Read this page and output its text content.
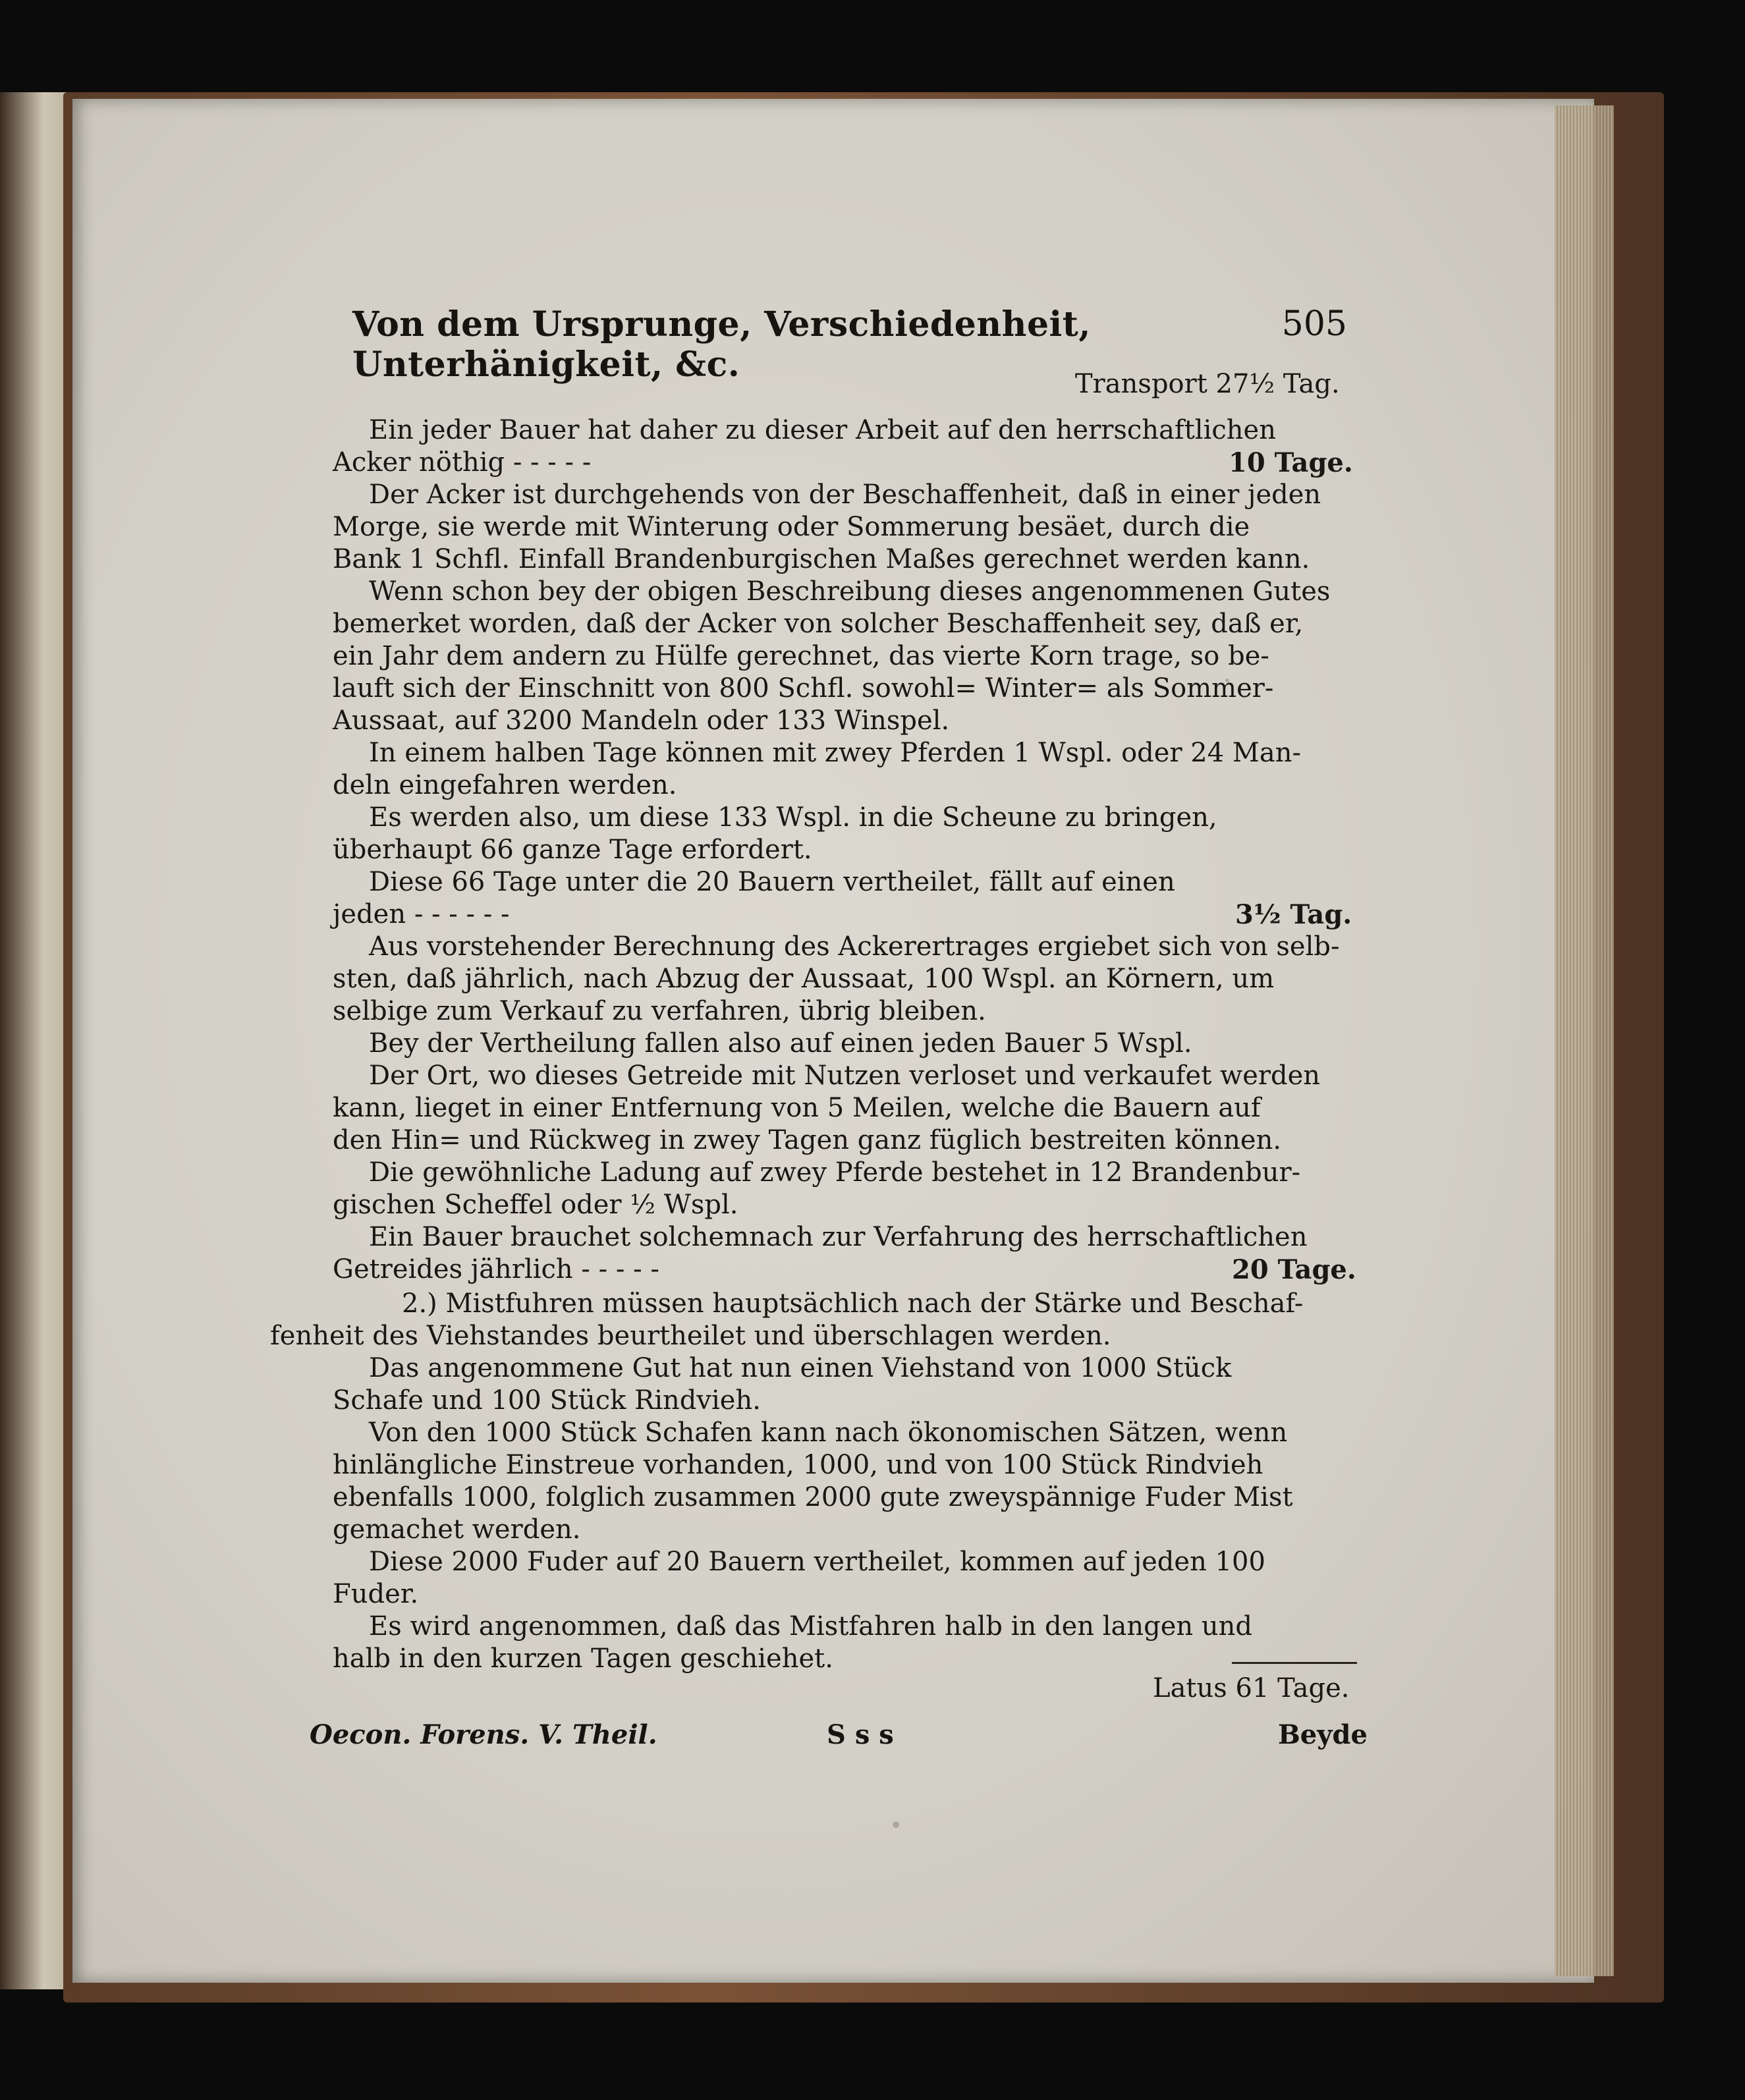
Von dem Ursprunge, Verschiedenheit, Unterhänigkeit, &c.
505
Transport 27½ Tag.
Ein jeder Bauer hat daher zu dieser Arbeit auf den herrschaftlichen
Acker nöthig - - - - -
Der Acker ist durchgehends von der Beschaffenheit, daß in einer jeden
Morge, sie werde mit Winterung oder Sommerung besäet, durch die
Bank 1 Schfl. Einfall Brandenburgischen Maßes gerechnet werden kann.
Wenn schon bey der obigen Beschreibung dieses angenommenen Gutes
bemerket worden, daß der Acker von solcher Beschaffenheit sey, daß er,
ein Jahr dem andern zu Hülfe gerechnet, das vierte Korn trage, so be-
lauft sich der Einschnitt von 800 Schfl. sowohl= Winter= als Sommer-
Aussaat, auf 3200 Mandeln oder 133 Winspel.
In einem halben Tage können mit zwey Pferden 1 Wspl. oder 24 Man-
deln eingefahren werden.
Es werden also, um diese 133 Wspl. in die Scheune zu bringen,
überhaupt 66 ganze Tage erfordert.
Diese 66 Tage unter die 20 Bauern vertheilet, fällt auf einen
jeden - - - - - -
Aus vorstehender Berechnung des Ackerertrages ergiebet sich von selb-
sten, daß jährlich, nach Abzug der Aussaat, 100 Wspl. an Körnern, um
selbige zum Verkauf zu verfahren, übrig bleiben.
Bey der Vertheilung fallen also auf einen jeden Bauer 5 Wspl.
Der Ort, wo dieses Getreide mit Nutzen verloset und verkaufet werden
kann, lieget in einer Entfernung von 5 Meilen, welche die Bauern auf
den Hin= und Rückweg in zwey Tagen ganz füglich bestreiten können.
Die gewöhnliche Ladung auf zwey Pferde bestehet in 12 Brandenbur-
gischen Scheffel oder ½ Wspl.
Ein Bauer brauchet solchemnach zur Verfahrung des herrschaftlichen
Getreides jährlich - - - - -
2.) Mistfuhren müssen hauptsächlich nach der Stärke und Beschaf-
fenheit des Viehstandes beurtheilet und überschlagen werden.
Das angenommene Gut hat nun einen Viehstand von 1000 Stück
Schafe und 100 Stück Rindvieh.
Von den 1000 Stück Schafen kann nach ökonomischen Sätzen, wenn
hinlängliche Einstreue vorhanden, 1000, und von 100 Stück Rindvieh
ebenfalls 1000, folglich zusammen 2000 gute zweyspännige Fuder Mist
gemachet werden.
Diese 2000 Fuder auf 20 Bauern vertheilet, kommen auf jeden 100
Fuder.
Es wird angenommen, daß das Mistfahren halb in den langen und
halb in den kurzen Tagen geschiehet.
10 Tage.
3½ Tag.
20 Tage.
Latus 61 Tage.
Oecon. Forens. V. Theil.	S s s	Beyde
